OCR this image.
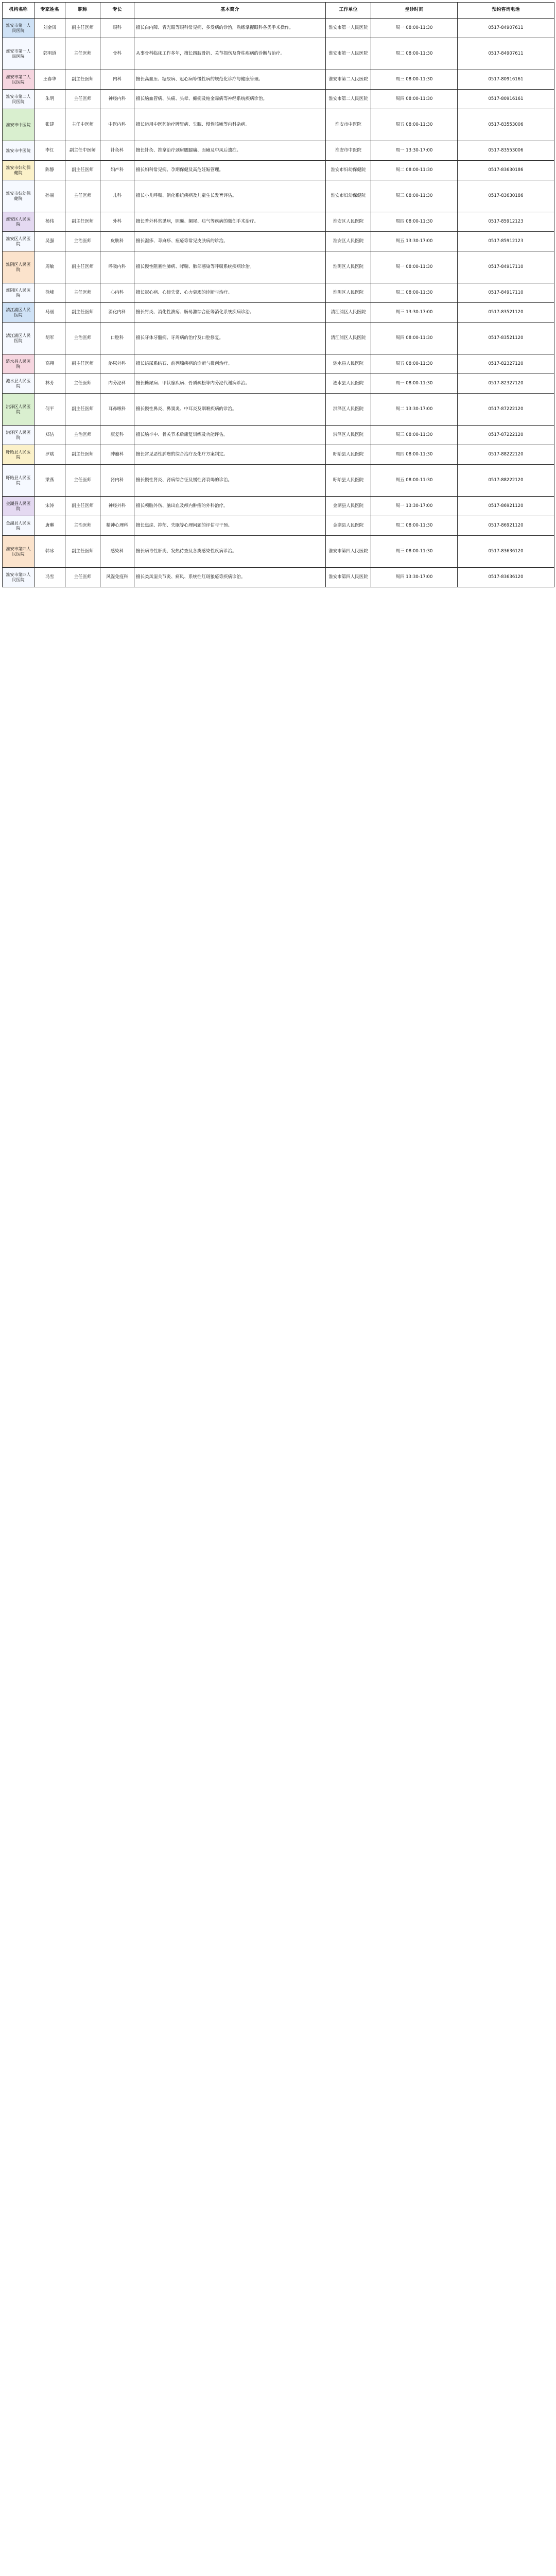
机构名称	专家姓名	职称	专长	基本简介	工作单位	坐诊时间	预约咨询电话
淮安市第一人民医院	刘金凤	副主任医师	眼科	擅长白内障、青光眼等眼科常见病、多发病的诊治，熟练掌握眼科各类手术操作。	淮安市第一人民医院	周一 08:00-11:30	0517-84907611
淮安市第一人民医院	郭明道	主任医师	骨科	从事骨科临床工作多年，擅长四肢骨折、关节损伤及脊柱疾病的诊断与治疗。	淮安市第一人民医院	周二 08:00-11:30	0517-84907611
淮安市第二人民医院	王春华	副主任医师	内科	擅长高血压、糖尿病、冠心病等慢性病的规范化诊疗与健康管理。	淮安市第二人民医院	周三 08:00-11:30	0517-80916161
淮安市第二人民医院	朱明	主任医师	神经内科	擅长脑血管病、头痛、头晕、癫痫及帕金森病等神经系统疾病诊治。	淮安市第二人民医院	周四 08:00-11:30	0517-80916161
淮安市中医院	张建	主任中医师	中医内科	擅长运用中医药治疗脾胃病、失眠、慢性咳嗽等内科杂病。	淮安市中医院	周五 08:00-11:30	0517-83553006
淮安市中医院	李红	副主任中医师	针灸科	擅长针灸、推拿治疗颈肩腰腿痛、面瘫及中风后遗症。	淮安市中医院	周一 13:30-17:00	0517-83553006
淮安市妇幼保健院	陈静	副主任医师	妇产科	擅长妇科常见病、孕期保健及高危妊娠管理。	淮安市妇幼保健院	周二 08:00-11:30	0517-83630186
淮安市妇幼保健院	孙丽	主任医师	儿科	擅长小儿呼吸、消化系统疾病及儿童生长发育评估。	淮安市妇幼保健院	周三 08:00-11:30	0517-83630186
淮安区人民医院	杨伟	副主任医师	外科	擅长普外科常见病，胆囊、阑尾、疝气等疾病的微创手术治疗。	淮安区人民医院	周四 08:00-11:30	0517-85912123
淮安区人民医院	吴强	主治医师	皮肤科	擅长湿疹、荨麻疹、痤疮等常见皮肤病的诊治。	淮安区人民医院	周五 13:30-17:00	0517-85912123
淮阴区人民医院	周敏	副主任医师	呼吸内科	擅长慢性阻塞性肺病、哮喘、肺部感染等呼吸系统疾病诊治。	淮阴区人民医院	周一 08:00-11:30	0517-84917110
淮阴区人民医院	徐峰	主任医师	心内科	擅长冠心病、心律失常、心力衰竭的诊断与治疗。	淮阴区人民医院	周二 08:00-11:30	0517-84917110
清江浦区人民医院	马丽	副主任医师	消化内科	擅长胃炎、消化性溃疡、肠易激综合征等消化系统疾病诊治。	清江浦区人民医院	周三 13:30-17:00	0517-83521120
清江浦区人民医院	胡军	主治医师	口腔科	擅长牙体牙髓病、牙周病的治疗及口腔修复。	清江浦区人民医院	周四 08:00-11:30	0517-83521120
涟水县人民医院	高翔	副主任医师	泌尿外科	擅长泌尿系结石、前列腺疾病的诊断与微创治疗。	涟水县人民医院	周五 08:00-11:30	0517-82327120
涟水县人民医院	林芳	主任医师	内分泌科	擅长糖尿病、甲状腺疾病、骨质疏松等内分泌代谢病诊治。	涟水县人民医院	周一 08:00-11:30	0517-82327120
洪泽区人民医院	何平	副主任医师	耳鼻喉科	擅长慢性鼻炎、鼻窦炎、中耳炎及咽喉疾病的诊治。	洪泽区人民医院	周二 13:30-17:00	0517-87222120
洪泽区人民医院	郑洁	主治医师	康复科	擅长脑卒中、骨关节术后康复训练及功能评估。	洪泽区人民医院	周三 08:00-11:30	0517-87222120
盱眙县人民医院	罗斌	副主任医师	肿瘤科	擅长常见恶性肿瘤的综合治疗及化疗方案制定。	盱眙县人民医院	周四 08:00-11:30	0517-88222120
盱眙县人民医院	梁燕	主任医师	肾内科	擅长慢性肾炎、肾病综合征及慢性肾衰竭的诊治。	盱眙县人民医院	周五 08:00-11:30	0517-88222120
金湖县人民医院	宋涛	副主任医师	神经外科	擅长颅脑外伤、脑出血及颅内肿瘤的外科治疗。	金湖县人民医院	周一 13:30-17:00	0517-86921120
金湖县人民医院	唐琳	主治医师	精神心理科	擅长焦虑、抑郁、失眠等心理问题的评估与干预。	金湖县人民医院	周二 08:00-11:30	0517-86921120
淮安市第四人民医院	韩冰	副主任医师	感染科	擅长病毒性肝炎、发热待查及各类感染性疾病诊治。	淮安市第四人民医院	周三 08:00-11:30	0517-83636120
淮安市第四人民医院	冯雪	主任医师	风湿免疫科	擅长类风湿关节炎、痛风、系统性红斑狼疮等疾病诊治。	淮安市第四人民医院	周四 13:30-17:00	0517-83636120
